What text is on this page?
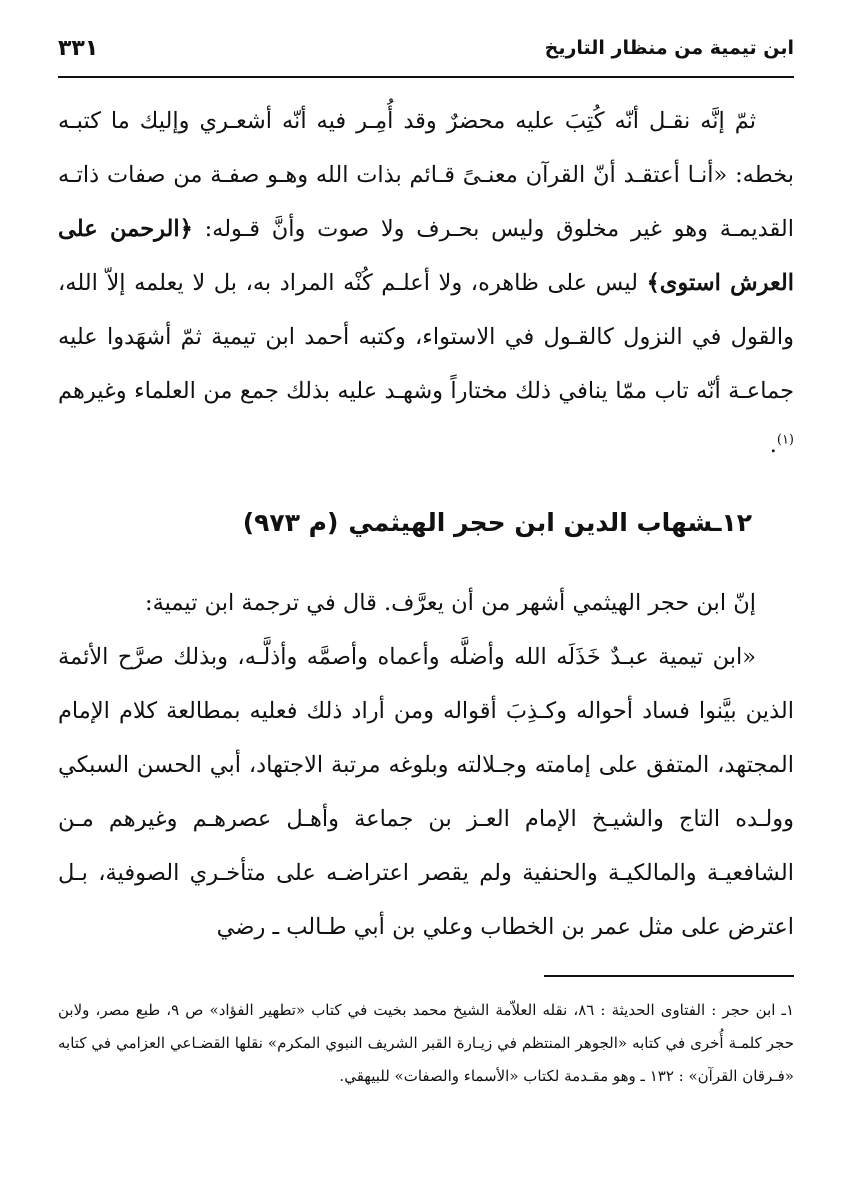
ابن تيمية من منظار التاريخ
٣٣١

ثمّ إنَّه نقـل أنّه كُتِبَ عليه محضرٌ وقد أُمِـر فيه أنّه أشعـري وإليك ما كتبـه بخطه: «أنـا أعتقـد أنّ القرآن معنـىً قـائم بذات الله وهـو صفـة من صفات ذاتـه القديمـة وهو غير مخلوق وليس بحـرف ولا صوت وأنَّ قـوله: ﴿الرحمن على العرش استوى﴾ ليس على ظاهره، ولا أعلـم كُنْه المراد به، بل لا يعلمه إلاّ الله، والقول في النزول كالقـول في الاستواء، وكتبه أحمد ابن تيمية ثمّ أشهَدوا عليه جماعـة أنّه تاب ممّا ينافي ذلك مختاراً وشهـد عليه بذلك جمع من العلماء وغيرهم $^{(١)}$.

١٢ـشهاب الدين ابن حجر الهيثمي
(م ٩٧٣)

إنّ ابن حجر الهيثمي أشهر من أن يعرَّف. قال في ترجمة ابن تيمية:

«ابن تيمية عبـدٌ خَذَلَه الله وأضلَّه وأعماه وأصمَّه وأذلَّـه، وبذلك صرَّح الأئمة الذين بيَّنوا فساد أحواله وكـذِبَ أقواله ومن أراد ذلك فعليه بمطالعة كلام الإمام المجتهد، المتفق على إمامته وجـلالته وبلوغه مرتبة الاجتهاد، أبي الحسن السبكي وولـده التاج والشيـخ الإمام العـز بن جماعة وأهـل عصرهـم وغيرهم مـن الشافعيـة والمالكيـة والحنفية ولم يقصر اعتراضـه على متأخـري الصوفية، بـل اعترض على مثل عمر بن الخطاب وعلي بن أبي طـالب ـ رضي

١ـ ابن حجر : الفتاوى الحديثة : ٨٦، نقله العلاّمة الشيخ محمد بخيت في كتاب «تطهير الفؤاد» ص ٩، طبع مصر، ولابن حجر كلمـة أُخرى في كتابه «الجوهر المنتظم في زيـارة القبر الشريف النبوي المكرم» نقلها القضـاعي العزامي في كتابه «فـرقان القرآن» : ١٣٢ ـ وهو مقـدمة لكتاب «الأسماء والصفات» للبيهقي.
